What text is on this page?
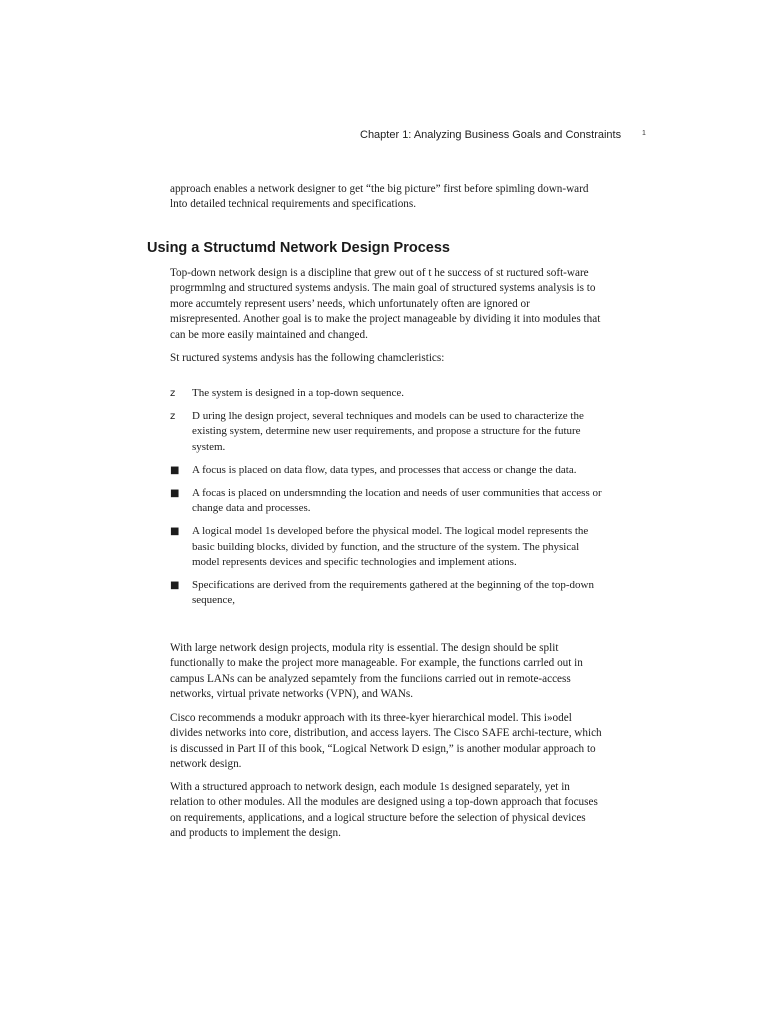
Chapter 1: Analyzing Business Goals and Constraints	1

approach enables a network designer to get “the big picture” first before spimling down-ward lnto detailed technical requirements and specifications.

Using a Structumd Network Design Process

Top-down network design is a discipline that grew out of t he success of st ructured soft-ware progrmmlng and structured systems andysis. The main goal of structured systems analysis is to more accumtely represent users’ needs, which unfortunately often are ignored or misrepresented. Another goal is to make the project manageable by dividing it into modules that can be more easily maintained and changed.

St ructured systems andysis has the following chamcleristics:

z	The system is designed in a top-down sequence.
z	D uring lhe design project, several techniques and models can be used to characterize the existing system, determine new user requirements, and propose a structure for the future system.
■	A focus is placed on data flow, data types, and processes that access or change the data.
■	A focas is placed on undersmnding the location and needs of user communities that access or change data and processes.
■	A logical model 1s developed before the physical model. The logical model represents the basic building blocks, divided by function, and the structure of the system. The physical model represents devices and specific technologies and implement ations.
■	Specifications are derived from the requirements gathered at the beginning of the top-down sequence,

With large network design projects, modula rity is essential. The design should be split functionally to make the project more manageable. For example, the functions carrled out in campus LANs can be analyzed sepamtely from the funciions carried out in remote-access networks, virtual private networks (VPN), and WANs.

Cisco recommends a modukr approach with its three-kyer hierarchical model. This i»odel divides networks into core, distribution, and access layers. The Cisco SAFE archi-tecture, which is discussed in Part II of this book, “Logical Network D esign,” is another modular approach to network design.

With a structured approach to network design, each module 1s designed separately, yet in relation to other modules. All the modules are designed using a top-down approach that focuses on requirements, applications, and a logical structure before the selection of physical devices and products to implement the design.
